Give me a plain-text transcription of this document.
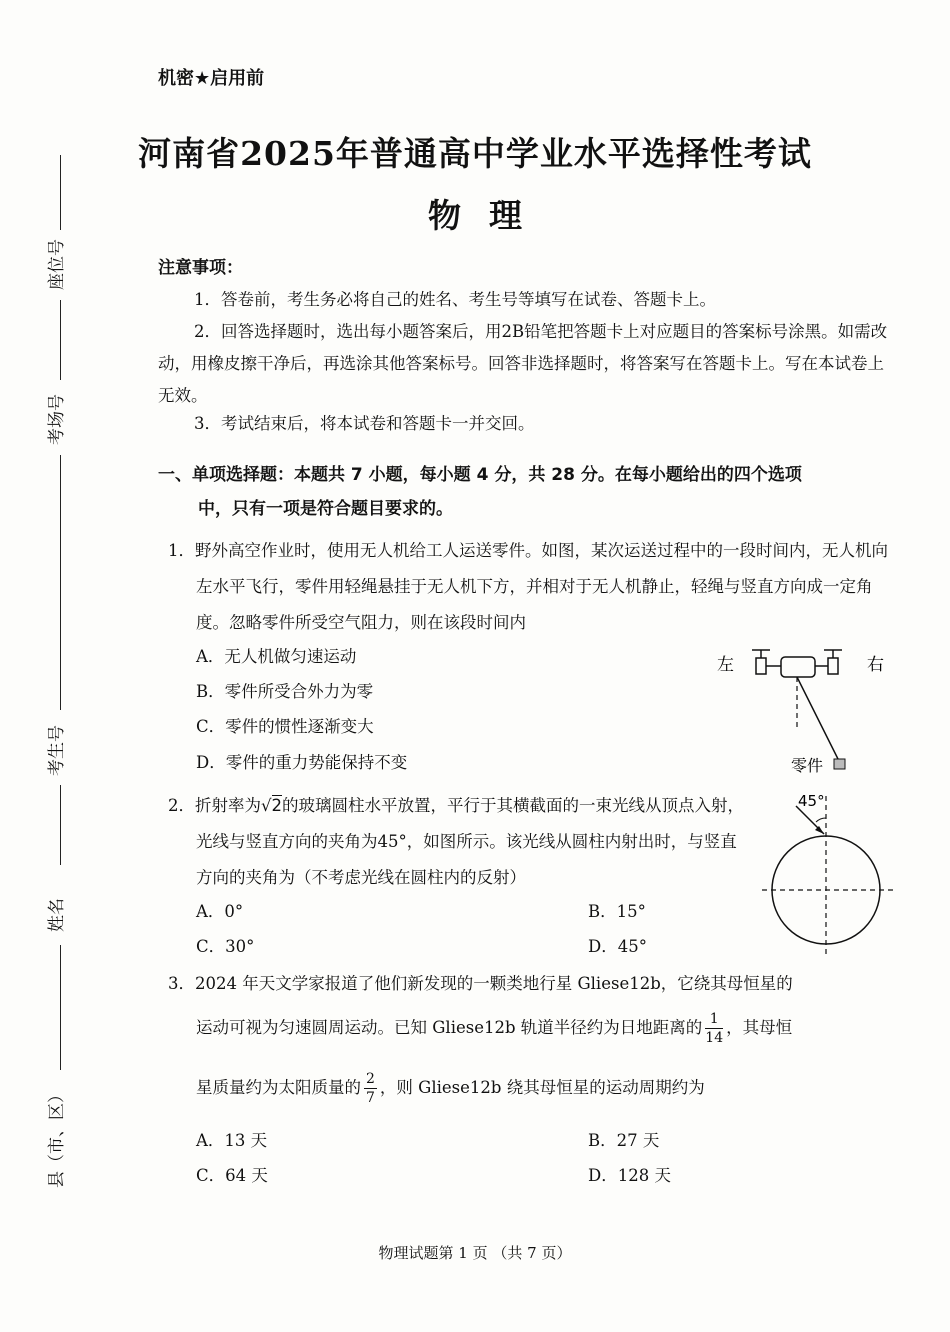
座位号
考场号
考生号
姓名
县（市、区）
机密★启用前
河南省2025年普通高中学业水平选择性考试
物理
注意事项：
1．答卷前，考生务必将自己的姓名、考生号等填写在试卷、答题卡上。
2．回答选择题时，选出每小题答案后，用2B铅笔把答题卡上对应题目的答案标号涂黑。如需改动，用橡皮擦干净后，再选涂其他答案标号。回答非选择题时，将答案写在答题卡上。写在本试卷上无效。
3．考试结束后，将本试卷和答题卡一并交回。
一、单项选择题：本题共 7 小题，每小题 4 分，共 28 分。在每小题给出的四个选项
中，只有一项是符合题目要求的。
1．野外高空作业时，使用无人机给工人运送零件。如图，某次运送过程中的一段时间内，无人机向左水平飞行，零件用轻绳悬挂于无人机下方，并相对于无人机静止，轻绳与竖直方向成一定角度。忽略零件所受空气阻力，则在该段时间内
A．无人机做匀速运动
B．零件所受合外力为零
C．零件的惯性逐渐变大
D．零件的重力势能保持不变
左	右
零件
2．折射率为√2的玻璃圆柱水平放置，平行于其横截面的一束光线从顶点入射，光线与竖直方向的夹角为45°，如图所示。该光线从圆柱内射出时，与竖直方向的夹角为（不考虑光线在圆柱内的反射）
A．0°	B．15°
C．30°	D．45°
45°
3．2024 年天文学家报道了他们新发现的一颗类地行星 Gliese12b，它绕其母恒星的
运动可视为匀速圆周运动。已知 Gliese12b 轨道半径约为日地距离的 $\frac{1}{14}$ ，其母恒
星质量约为太阳质量的 $\frac{2}{7}$ ，则 Gliese12b 绕其母恒星的运动周期约为
A．13 天	B．27 天
C．64 天	D．128 天
物理试题第 1 页 （共 7 页）
